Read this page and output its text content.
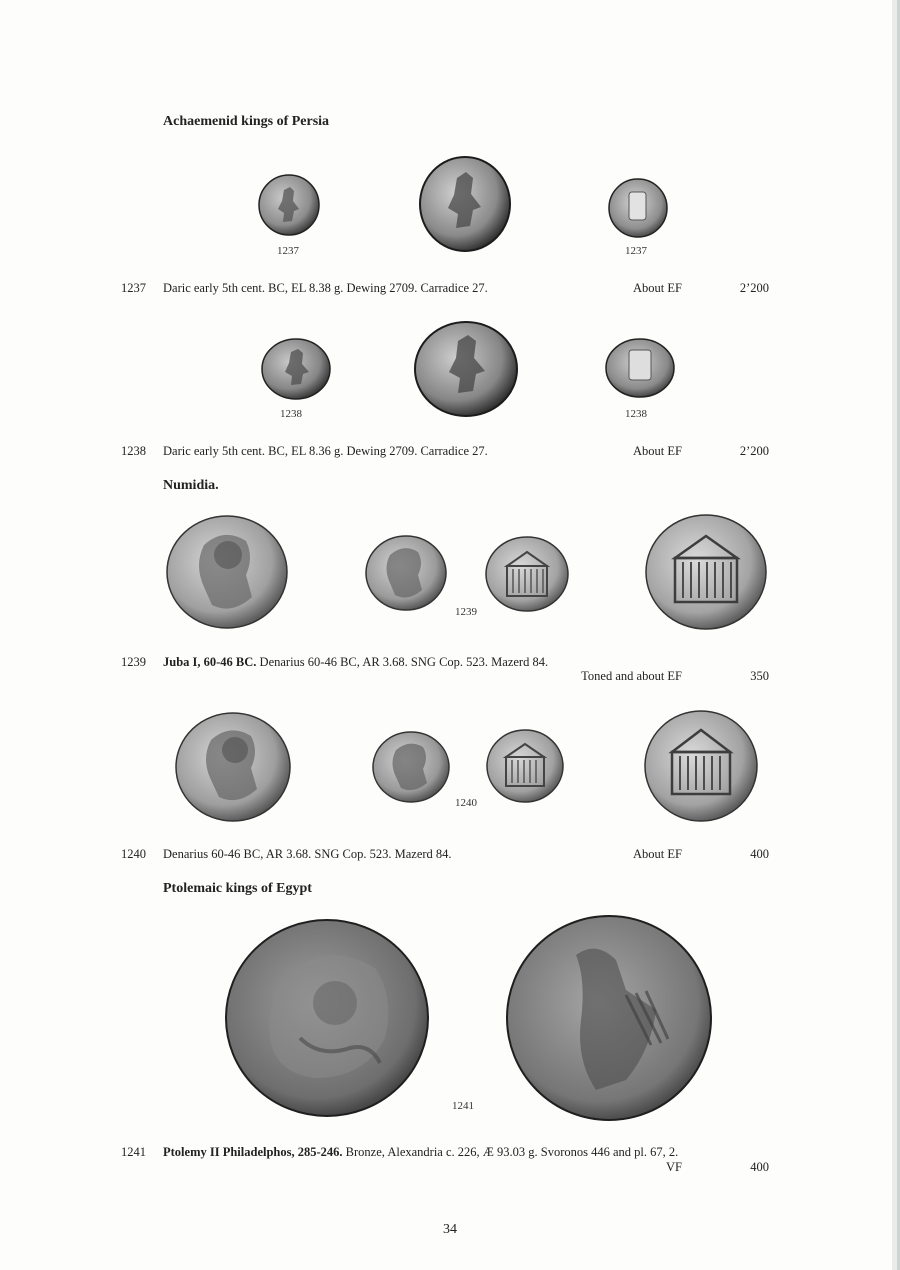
Achaemenid kings of Persia
1237	1237
1237 Daric early 5th cent. BC, EL 8.38 g. Dewing 2709. Carradice 27.	About EF	2’200
1238	1238
1238 Daric early 5th cent. BC, EL 8.36 g. Dewing 2709. Carradice 27.	About EF	2’200
Numidia.
1239
1239 Juba I, 60-46 BC. Denarius 60-46 BC, AR 3.68. SNG Cop. 523. Mazerd 84.
Toned and about EF	350
1240
1240 Denarius 60-46 BC, AR 3.68. SNG Cop. 523. Mazerd 84.	About EF	400
Ptolemaic kings of Egypt
1241
1241 Ptolemy II Philadelphos, 285-246. Bronze, Alexandria c. 226, Æ 93.03 g. Svoronos 446 and pl. 67, 2.
VF	400
34
